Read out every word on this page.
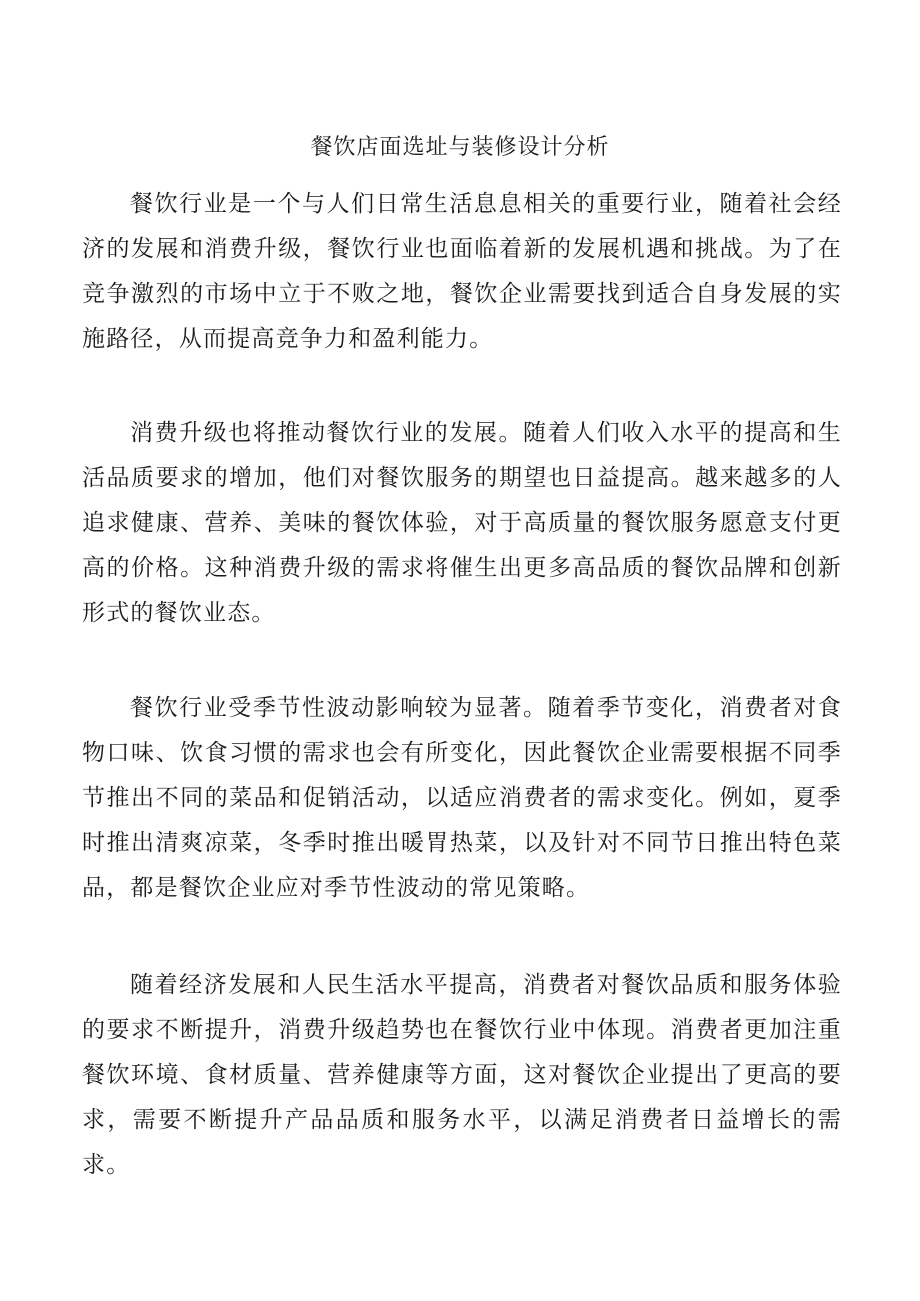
餐饮店面选址与装修设计分析

餐饮行业是一个与人们日常生活息息相关的重要行业，随着社会经济的发展和消费升级，餐饮行业也面临着新的发展机遇和挑战。为了在竞争激烈的市场中立于不败之地，餐饮企业需要找到适合自身发展的实施路径，从而提高竞争力和盈利能力。

消费升级也将推动餐饮行业的发展。随着人们收入水平的提高和生活品质要求的增加，他们对餐饮服务的期望也日益提高。越来越多的人追求健康、营养、美味的餐饮体验，对于高质量的餐饮服务愿意支付更高的价格。这种消费升级的需求将催生出更多高品质的餐饮品牌和创新形式的餐饮业态。

餐饮行业受季节性波动影响较为显著。随着季节变化，消费者对食物口味、饮食习惯的需求也会有所变化，因此餐饮企业需要根据不同季节推出不同的菜品和促销活动，以适应消费者的需求变化。例如，夏季时推出清爽凉菜，冬季时推出暖胃热菜，以及针对不同节日推出特色菜品，都是餐饮企业应对季节性波动的常见策略。

随着经济发展和人民生活水平提高，消费者对餐饮品质和服务体验的要求不断提升，消费升级趋势也在餐饮行业中体现。消费者更加注重餐饮环境、食材质量、营养健康等方面，这对餐饮企业提出了更高的要求，需要不断提升产品品质和服务水平，以满足消费者日益增长的需求。
